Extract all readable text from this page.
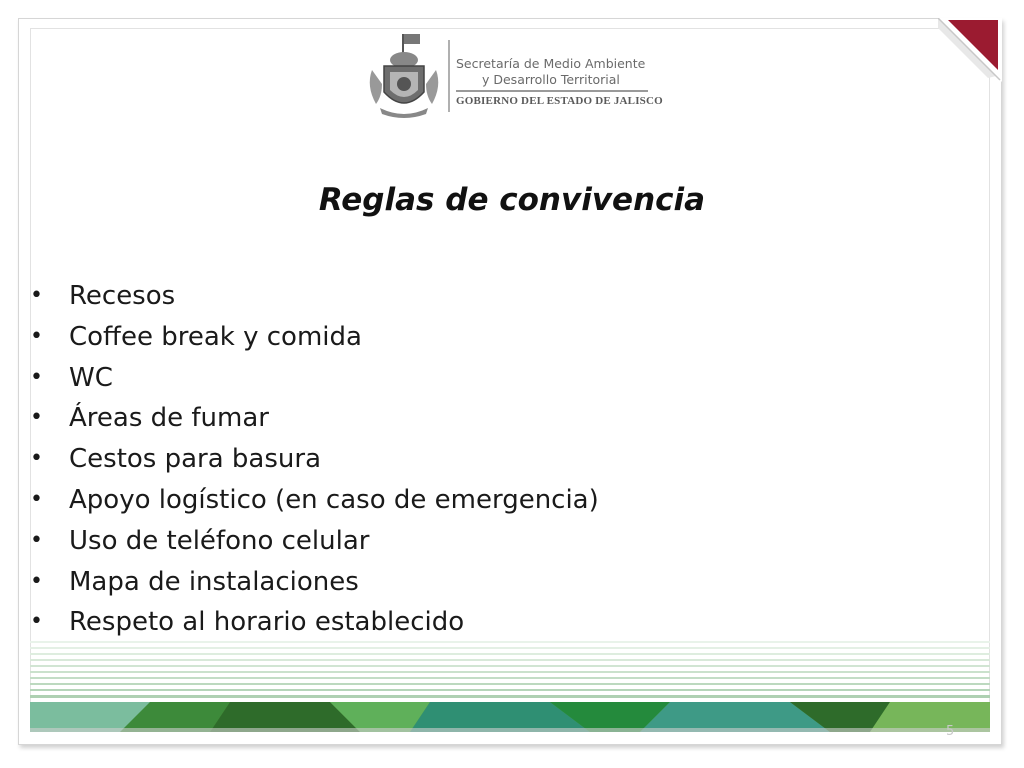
Secretaría de Medio Ambiente
y Desarrollo Territorial
GOBIERNO DEL ESTADO DE JALISCO
Reglas de convivencia
•	Recesos
•	Coffee break y comida
•	WC
•	Áreas de fumar
•	Cestos para basura
•	Apoyo logístico (en caso de emergencia)
•	Uso de teléfono celular
•	Mapa de instalaciones
•	Respeto al horario establecido
5
